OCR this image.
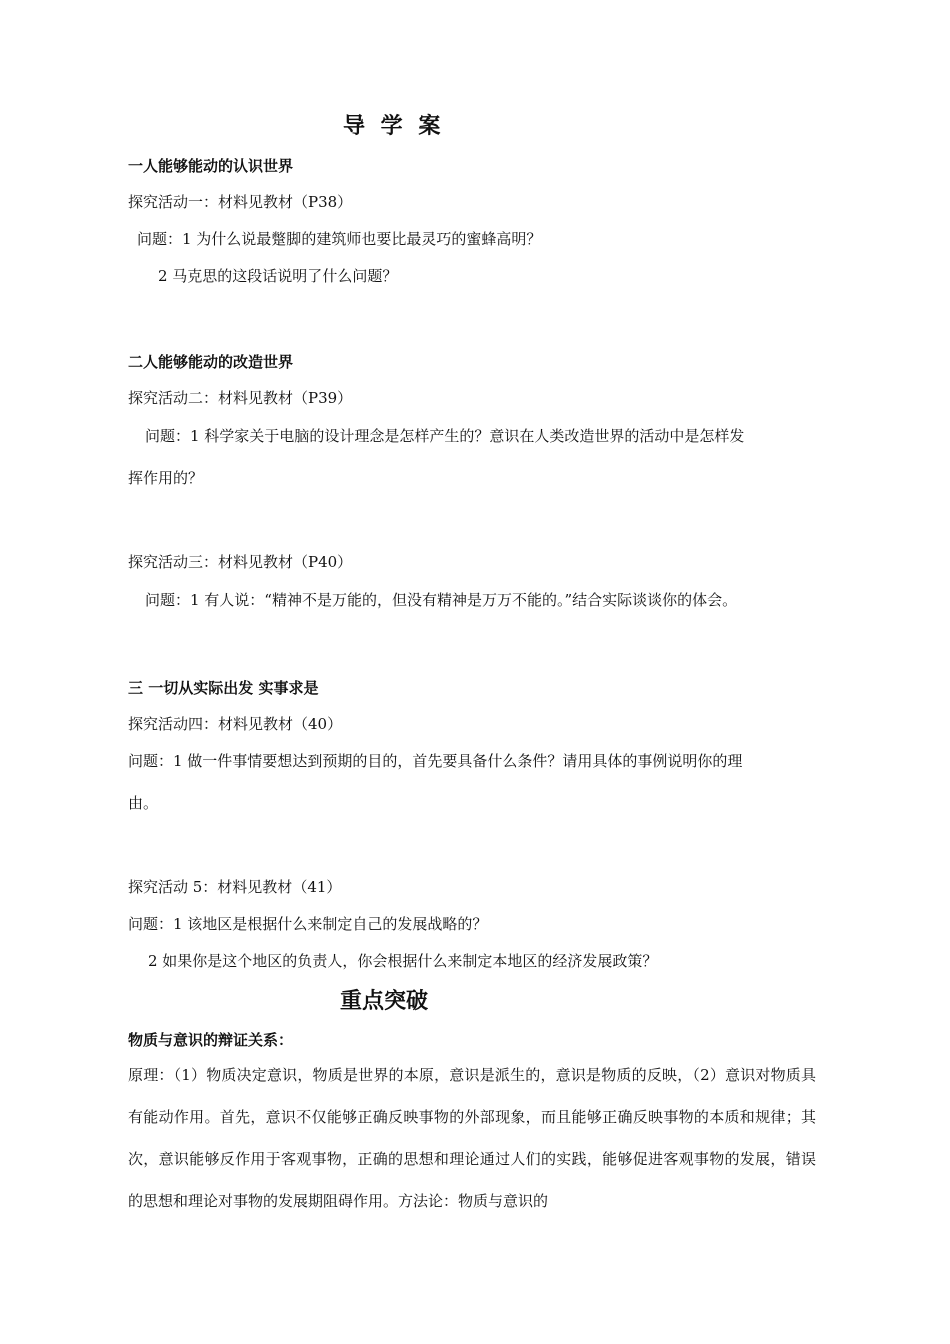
导 学 案
一人能够能动的认识世界
探究活动一：材料见教材（P38）
问题：1 为什么说最蹩脚的建筑师也要比最灵巧的蜜蜂高明？
2 马克思的这段话说明了什么问题？
二人能够能动的改造世界
探究活动二：材料见教材（P39）
问题：1 科学家关于电脑的设计理念是怎样产生的？意识在人类改造世界的活动中是怎样发
挥作用的？
探究活动三：材料见教材（P40）
问题：1 有人说：“精神不是万能的，但没有精神是万万不能的。”结合实际谈谈你的体会。
三 一切从实际出发 实事求是
探究活动四：材料见教材（40）
问题：1 做一件事情要想达到预期的目的，首先要具备什么条件？请用具体的事例说明你的理
由。
探究活动 5：材料见教材（41）
问题：1 该地区是根据什么来制定自己的发展战略的？
2 如果你是这个地区的负责人，你会根据什么来制定本地区的经济发展政策？
重点突破
物质与意识的辩证关系：
原理：（1）物质决定意识，物质是世界的本原，意识是派生的，意识是物质的反映，（2）意识对物质具有能动作用。首先，意识不仅能够正确反映事物的外部现象，而且能够正确反映事物的本质和规律；其次，意识能够反作用于客观事物，正确的思想和理论通过人们的实践，能够促进客观事物的发展，错误的思想和理论对事物的发展期阻碍作用。方法论：物质与意识的
